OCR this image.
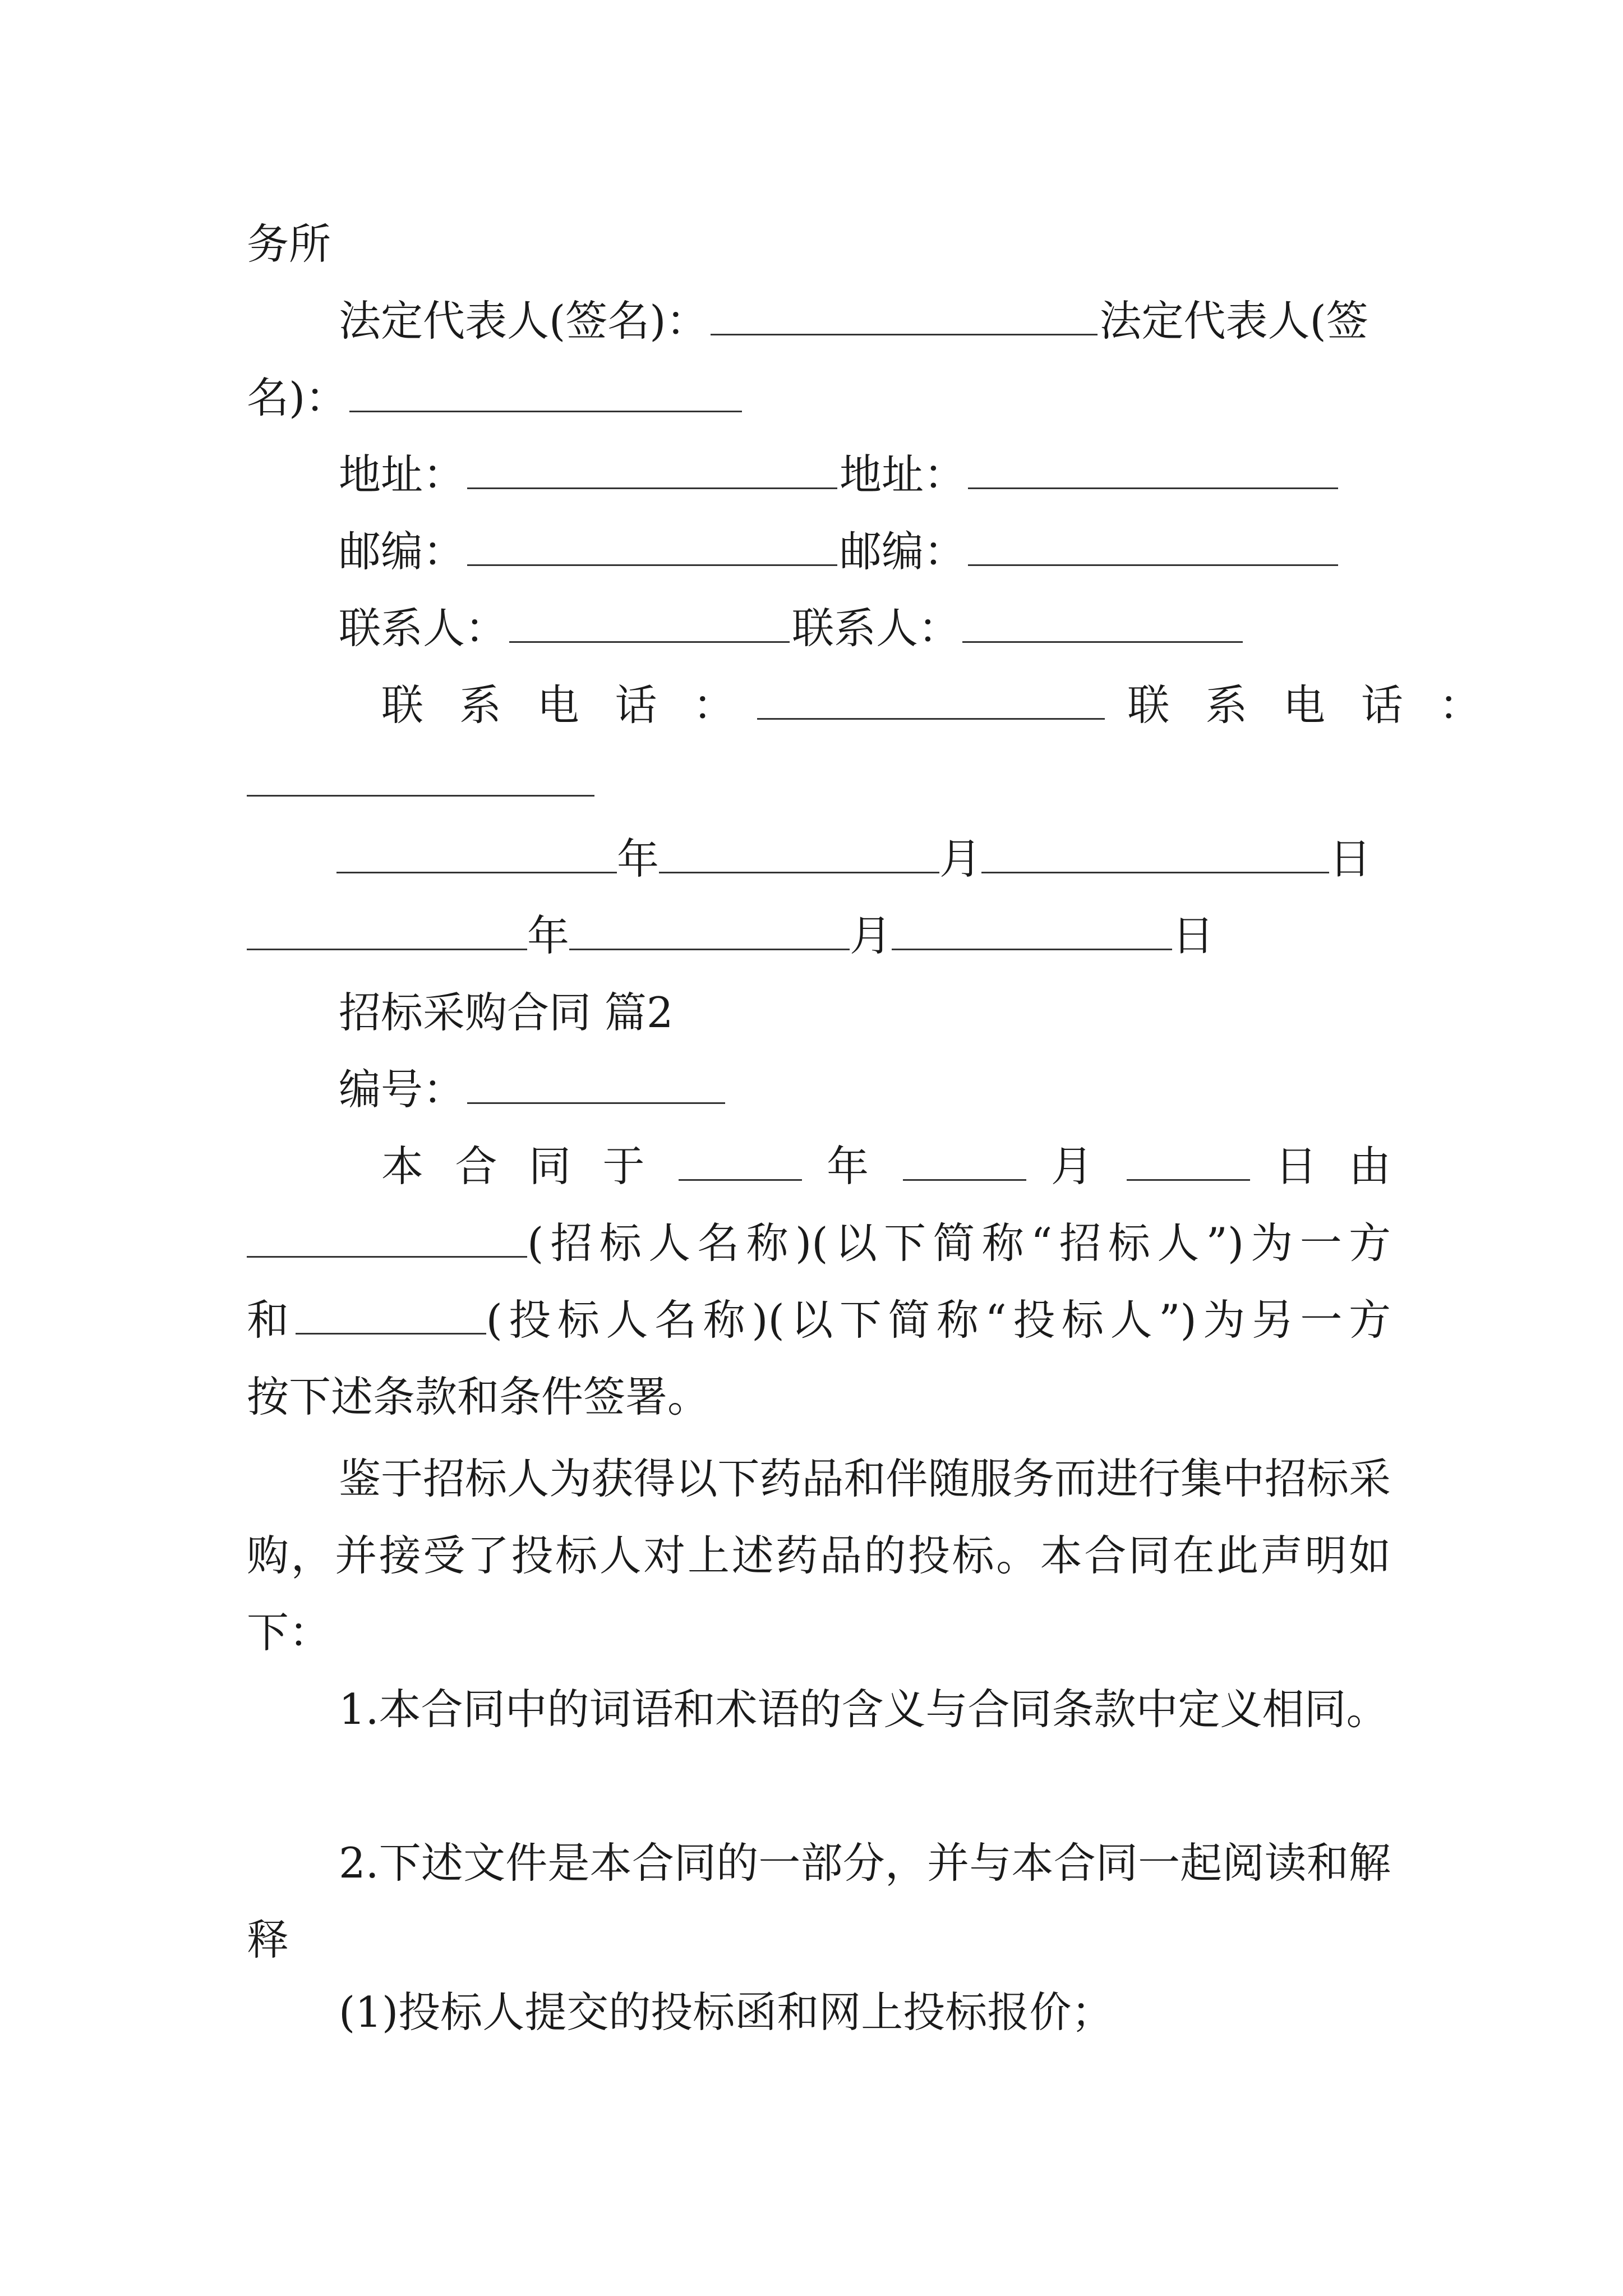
务所
法定代表人(签名)：	法定代表人(签
名)：
地址：	地址：
邮编：	邮编：
联系人：	联系人：
联 系 电 话 ：	联 系 电 话 ：
年	月	日
年	月	日
招标采购合同 篇2
编号：
本 合 同 于	年	月	日 由
(招标人名称)(以下简称“招标人”)为一方
和	(投标人名称)(以下简称“投标人”)为另一方
按下述条款和条件签署。
鉴于招标人为获得以下药品和伴随服务而进行集中招标采购，并接受了投标人对上述药品的投标。本合同在此声明如下：
1.本合同中的词语和术语的含义与合同条款中定义相同。
2.下述文件是本合同的一部分，并与本合同一起阅读和解释
(1)投标人提交的投标函和网上投标报价；
